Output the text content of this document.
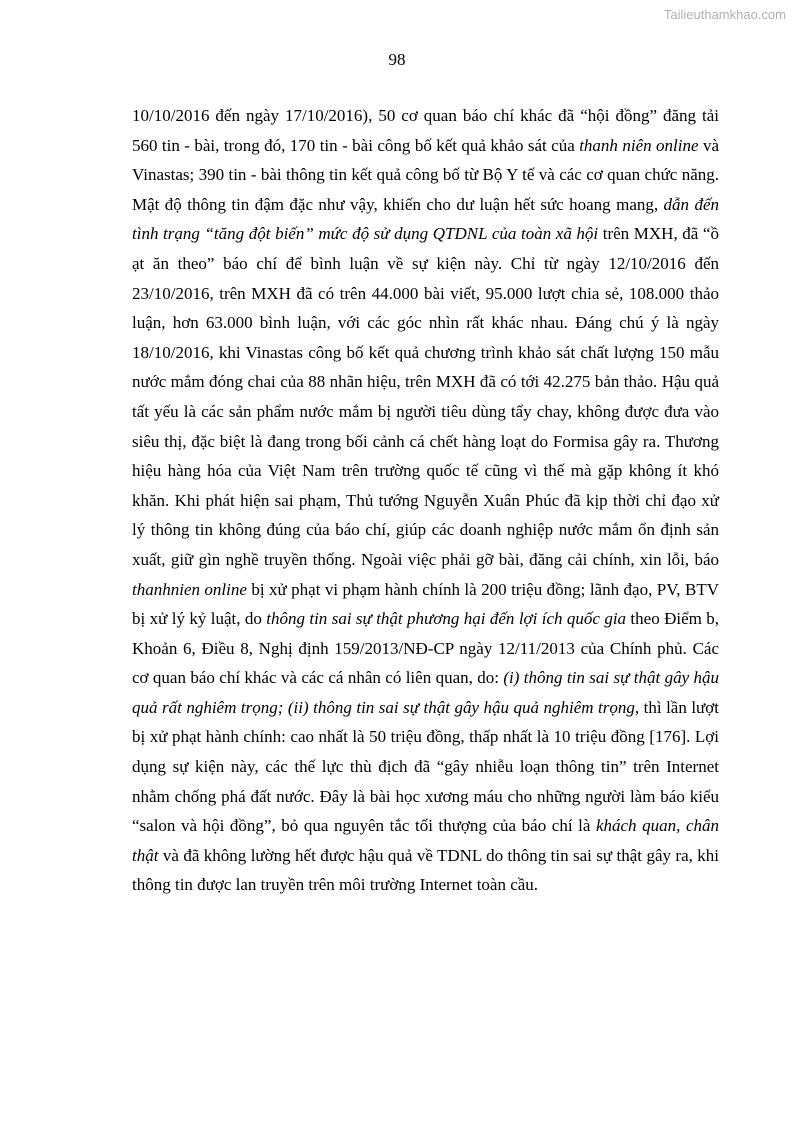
Tailieuthamkhao.com
98

10/10/2016 đến ngày 17/10/2016), 50 cơ quan báo chí khác đã “hội đồng” đăng tải 560 tin - bài, trong đó, 170 tin - bài công bố kết quả khảo sát của thanh niên online và Vinastas; 390 tin - bài thông tin kết quả công bố từ Bộ Y tế và các cơ quan chức năng. Mật độ thông tin đậm đặc như vậy, khiến cho dư luận hết sức hoang mang, dẫn đến tình trạng “tăng đột biến” mức độ sử dụng QTDNL của toàn xã hội trên MXH, đã “ồ ạt ăn theo” báo chí để bình luận về sự kiện này. Chỉ từ ngày 12/10/2016 đến 23/10/2016, trên MXH đã có trên 44.000 bài viết, 95.000 lượt chia sẻ, 108.000 thảo luận, hơn 63.000 bình luận, với các góc nhìn rất khác nhau. Đáng chú ý là ngày 18/10/2016, khi Vinastas công bố kết quả chương trình khảo sát chất lượng 150 mẫu nước mắm đóng chai của 88 nhãn hiệu, trên MXH đã có tới 42.275 bản thảo. Hậu quả tất yếu là các sản phẩm nước mắm bị người tiêu dùng tẩy chay, không được đưa vào siêu thị, đặc biệt là đang trong bối cảnh cá chết hàng loạt do Formisa gây ra. Thương hiệu hàng hóa của Việt Nam trên trường quốc tế cũng vì thế mà gặp không ít khó khăn. Khi phát hiện sai phạm, Thủ tướng Nguyễn Xuân Phúc đã kịp thời chỉ đạo xử lý thông tin không đúng của báo chí, giúp các doanh nghiệp nước mắm ổn định sản xuất, giữ gìn nghề truyền thống. Ngoài việc phải gỡ bài, đăng cải chính, xin lỗi, báo thanhnien online bị xử phạt vi phạm hành chính là 200 triệu đồng; lãnh đạo, PV, BTV bị xử lý kỷ luật, do thông tin sai sự thật phương hại đến lợi ích quốc gia theo Điểm b, Khoản 6, Điều 8, Nghị định 159/2013/NĐ-CP ngày 12/11/2013 của Chính phủ. Các cơ quan báo chí khác và các cá nhân có liên quan, do: (i) thông tin sai sự thật gây hậu quả rất nghiêm trọng; (ii) thông tin sai sự thật gây hậu quả nghiêm trọng, thì lần lượt bị xử phạt hành chính: cao nhất là 50 triệu đồng, thấp nhất là 10 triệu đồng [176]. Lợi dụng sự kiện này, các thế lực thù địch đã “gây nhiễu loạn thông tin” trên Internet nhằm chống phá đất nước. Đây là bài học xương máu cho những người làm báo kiểu “salon và hội đồng”, bỏ qua nguyên tắc tối thượng của báo chí là khách quan, chân thật và đã không lường hết được hậu quả về TDNL do thông tin sai sự thật gây ra, khi thông tin được lan truyền trên môi trường Internet toàn cầu.
